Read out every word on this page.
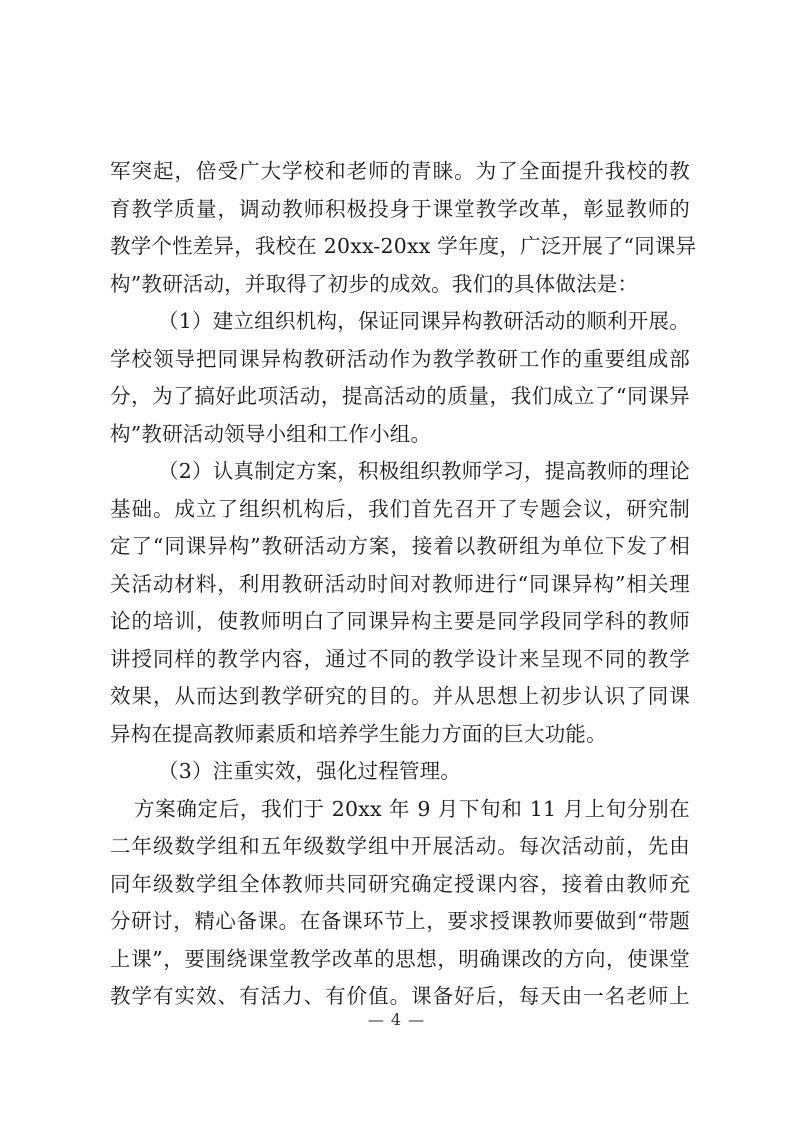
军突起，倍受广大学校和老师的青睐。为了全面提升我校的教
育教学质量，调动教师积极投身于课堂教学改革，彰显教师的
教学个性差异，我校在 20xx-20xx 学年度，广泛开展了“同课异
构”教研活动，并取得了初步的成效。我们的具体做法是：
（1）建立组织机构，保证同课异构教研活动的顺利开展。
学校领导把同课异构教研活动作为教学教研工作的重要组成部
分，为了搞好此项活动，提高活动的质量，我们成立了“同课异
构”教研活动领导小组和工作小组。
（2）认真制定方案，积极组织教师学习，提高教师的理论
基础。成立了组织机构后，我们首先召开了专题会议，研究制
定了“同课异构”教研活动方案，接着以教研组为单位下发了相
关活动材料，利用教研活动时间对教师进行“同课异构”相关理
论的培训，使教师明白了同课异构主要是同学段同学科的教师
讲授同样的教学内容，通过不同的教学设计来呈现不同的教学
效果，从而达到教学研究的目的。并从思想上初步认识了同课
异构在提高教师素质和培养学生能力方面的巨大功能。
（3）注重实效，强化过程管理。
方案确定后，我们于 20xx 年 9 月下旬和 11 月上旬分别在
二年级数学组和五年级数学组中开展活动。每次活动前，先由
同年级数学组全体教师共同研究确定授课内容，接着由教师充
分研讨，精心备课。在备课环节上，要求授课教师要做到“带题
上课”，要围绕课堂教学改革的思想，明确课改的方向，使课堂
教学有实效、有活力、有价值。课备好后，每天由一名老师上
— 4 —
